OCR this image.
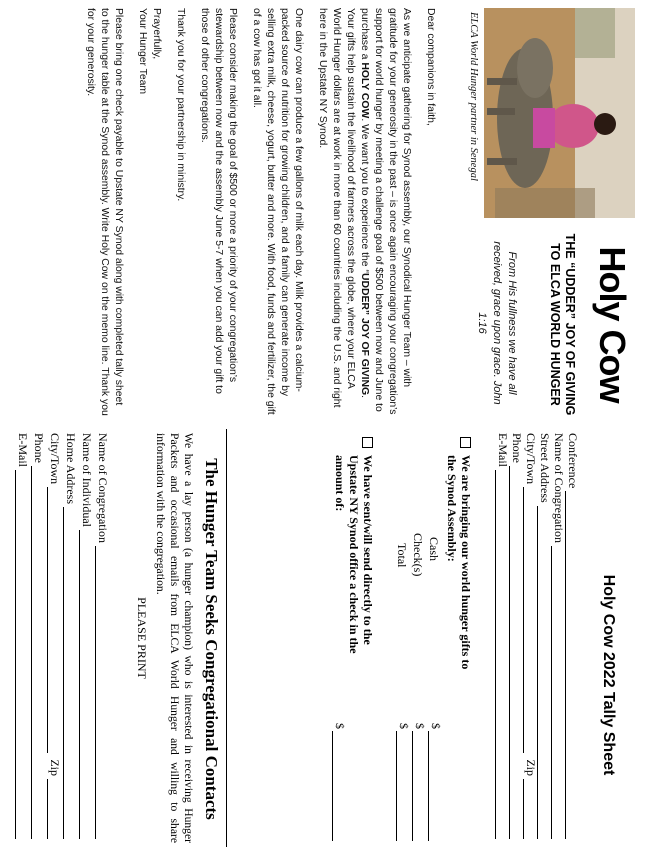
ELCA World Hunger partner in Senegal
Holy Cow
THE “UDDER” JOY OF GIVING TO ELCA WORLD HUNGER
From His fullness we have all received, grace upon grace. John 1:16

Dear companions in faith,

As we anticipate gathering for Synod assembly, our Synodical Hunger Team – with gratitude for your generosity in the past – is once again encouraging your congregation’s support for world hunger by meeting a challenge goal of $500 between now and June to purchase a HOLY COW. We want you to experience the “UDDER” JOY OF GIVING. Your gifts help sustain the livelihood of farmers across the globe, where your ELCA World Hunger dollars are at work in more than 60 countries including the U.S. and right here in the Upstate NY Synod.

One dairy cow can produce a few gallons of milk each day. Milk provides a calcium-packed source of nutrition for growing children, and a family can generate income by selling extra milk, cheese, yogurt, butter and more. With food, funds and fertilizer, the gift of a cow has got it all.

Please consider making the goal of $500 or more a priority of your congregation’s stewardship between now and the assembly June 5-7 when you can add your gift to those of other congregations.

Thank you for your partnership in ministry.

Prayerfully,

Your Hunger Team

Please bring one check payable to Upstate NY Synod along with completed tally sheet to the hunger table at the Synod assembly. Write Holy Cow on the memo line. Thank you for your generosity.

Holy Cow 2022 Tally Sheet
Conference
Name of Congregation
Street Address
City/Town
Zip
Phone
E-Mail
We are bringing our world hunger gifts to the Synod Assembly:
Cash
Check(s)
Total
$
$
$
We have sent/will send directly to the Upstate NY Synod office a check in the amount of:
$
The Hunger Team Seeks Congregational Contacts
We have a lay person (a hunger champion) who is interested in receiving Hunger Packets and occasional emails from ELCA World Hunger and willing to share information with the congregation.
PLEASE PRINT
Name of Congregation
Name of Individual
Home Address
City/Town
Zip
Phone
E-Mail
